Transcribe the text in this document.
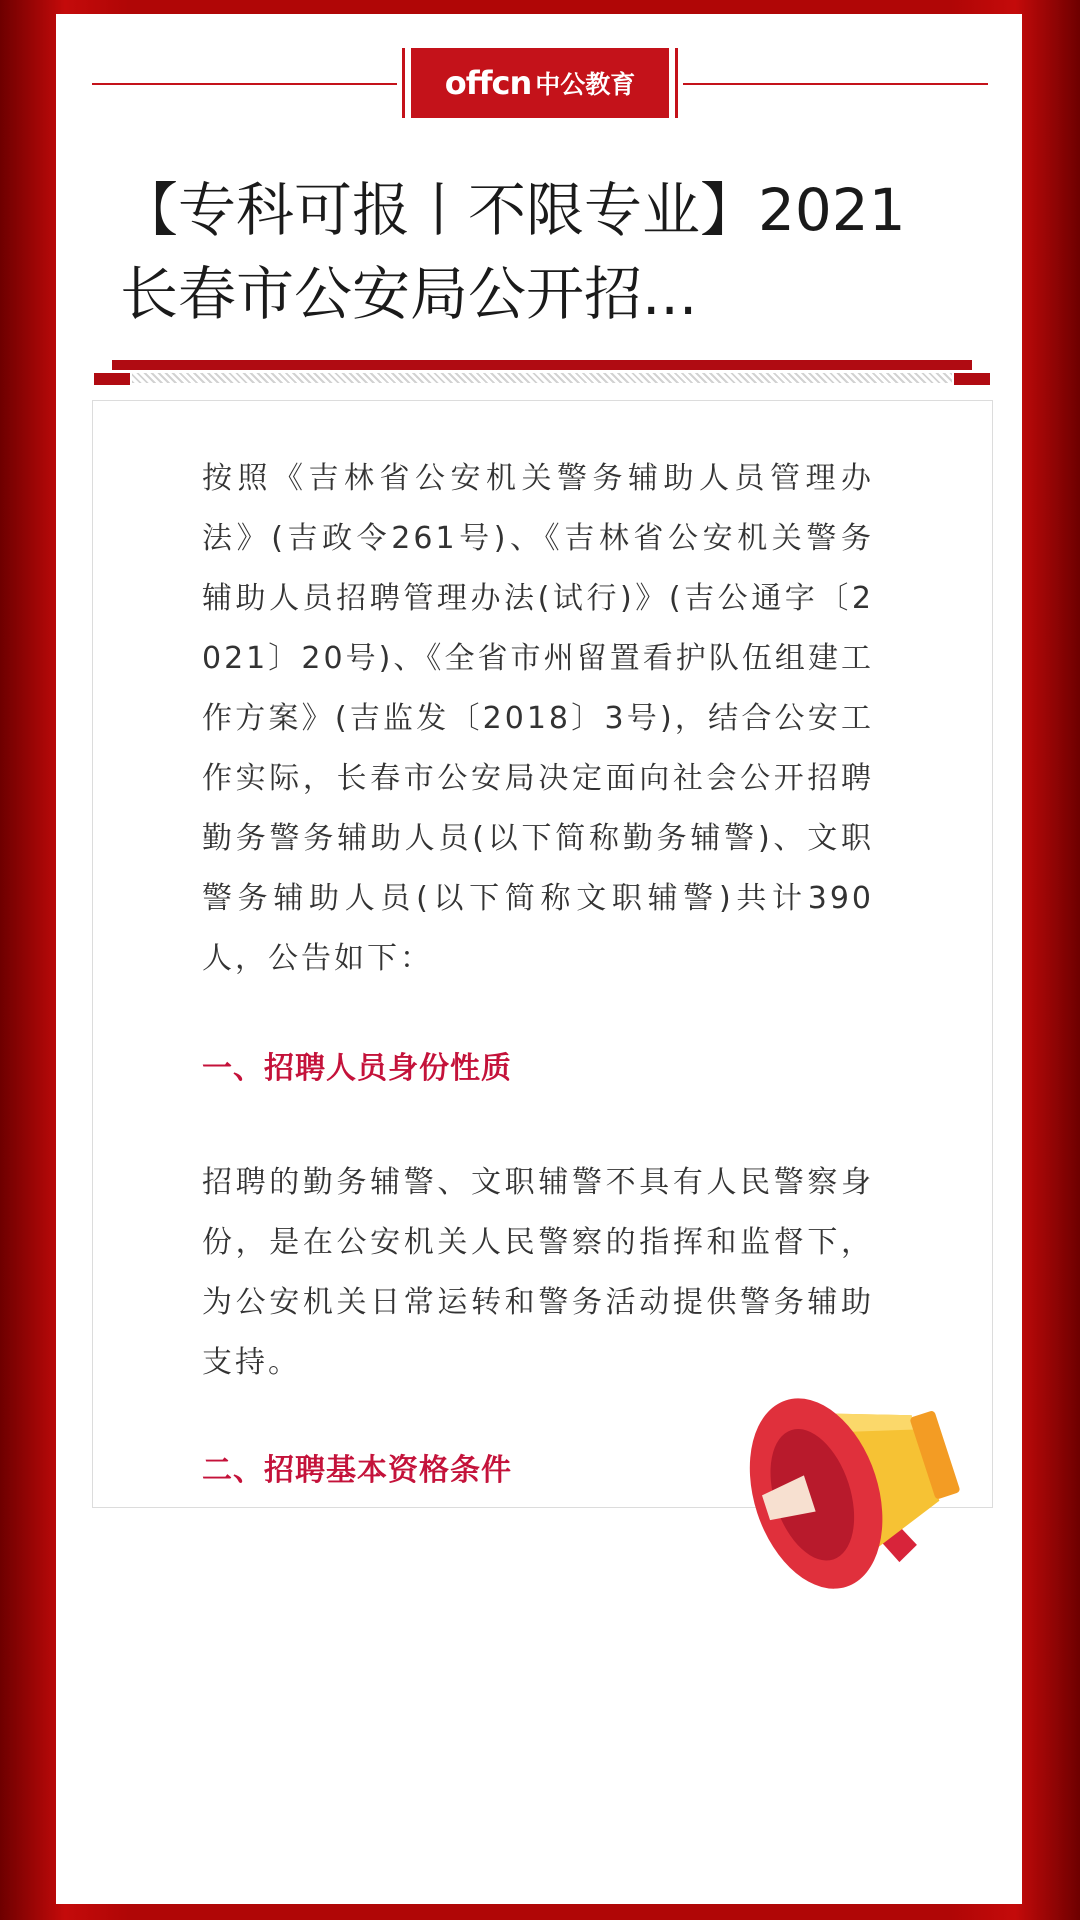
offcn 中公教育
【专科可报丨不限专业】2021长春市公安局公开招...

按照《吉林省公安机关警务辅助人员管理办法》(吉政令261号)、《吉林省公安机关警务辅助人员招聘管理办法(试行)》(吉公通字〔2021〕20号)、《全省市州留置看护队伍组建工作方案》(吉监发〔2018〕3号)，结合公安工作实际，长春市公安局决定面向社会公开招聘勤务警务辅助人员(以下简称勤务辅警)、文职警务辅助人员(以下简称文职辅警)共计390人，公告如下：

一、招聘人员身份性质

招聘的勤务辅警、文职辅警不具有人民警察身份，是在公安机关人民警察的指挥和监督下，为公安机关日常运转和警务活动提供警务辅助支持。

二、招聘基本资格条件
